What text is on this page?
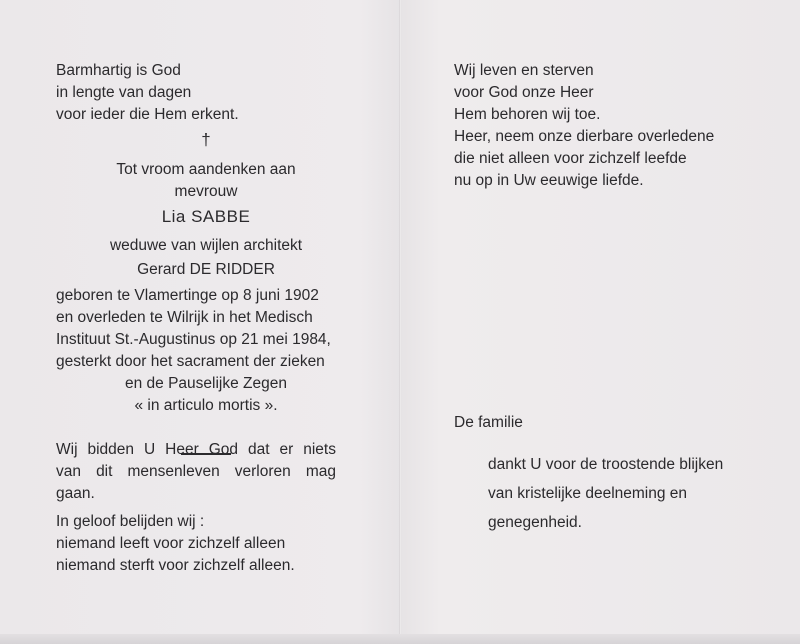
Barmhartig is God
in lengte van dagen
voor ieder die Hem erkent.
†
Tot vroom aandenken aan
mevrouw
Lia SABBE
weduwe van wijlen architekt
Gerard DE RIDDER
geboren te Vlamertinge op 8 juni 1902
en overleden te Wilrijk in het Medisch
Instituut St.-Augustinus op 21 mei 1984,
gesterkt door het sacrament der zieken
en de Pauselijke Zegen
« in articulo mortis ».
Wij bidden U Heer God dat er niets
van dit mensenleven verloren mag
gaan.
In geloof belijden wij :
niemand leeft voor zichzelf alleen
niemand sterft voor zichzelf alleen.
Wij leven en sterven
voor God onze Heer
Hem behoren wij toe.
Heer, neem onze dierbare overledene
die niet alleen voor zichzelf leefde
nu op in Uw eeuwige liefde.
De familie
dankt U voor de troostende blijken
van kristelijke deelneming en
genegenheid.
